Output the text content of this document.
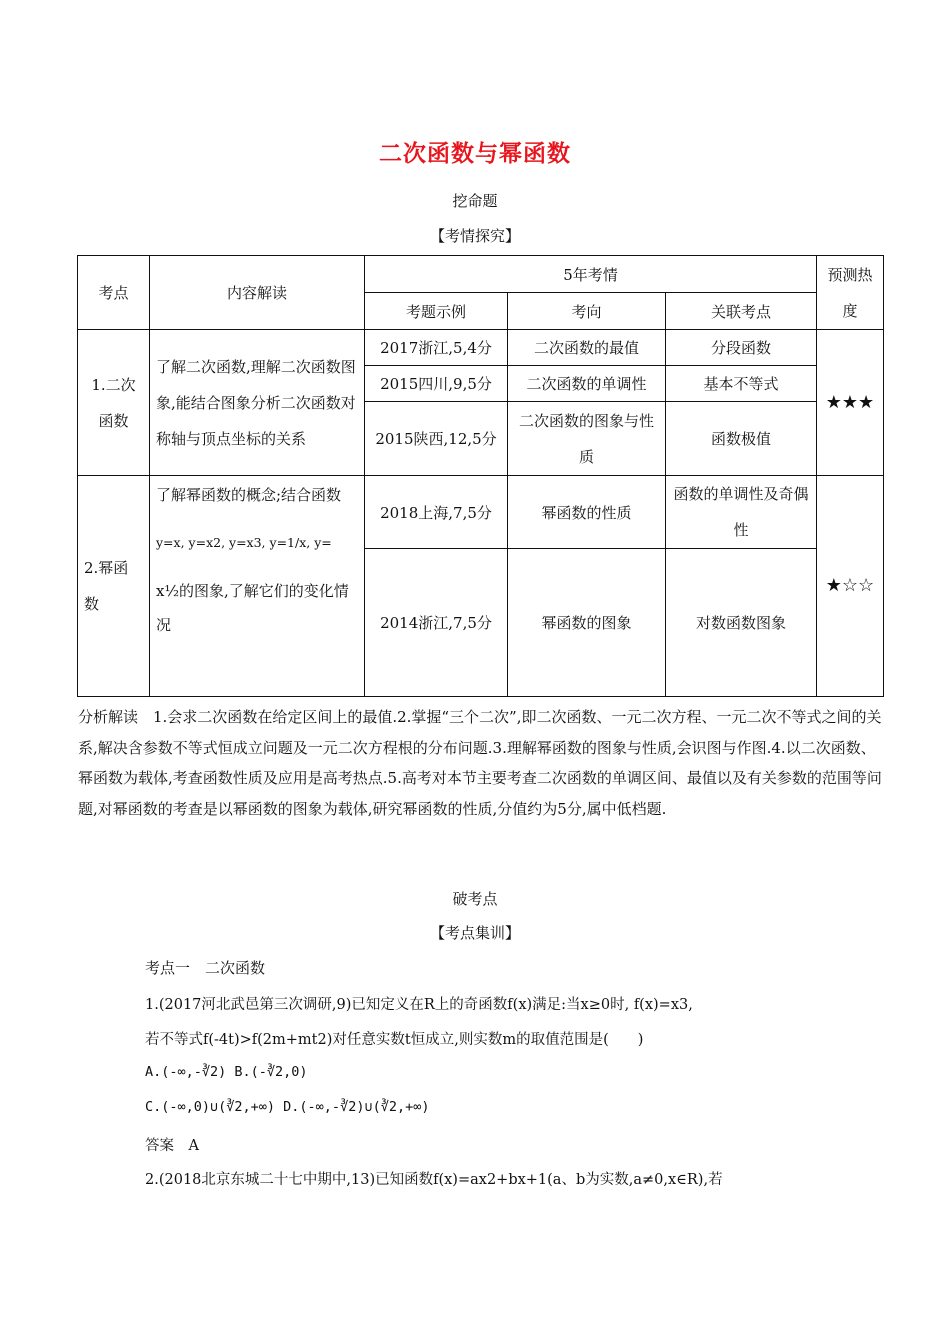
二次函数与幂函数
挖命题
【考情探究】
考点	内容解读	5年考情			预测热度
		考题示例	考向	关联考点	
1.二次函数	了解二次函数,理解二次函数图象,能结合图象分析二次函数对称轴与顶点坐标的关系	2017浙江,5,4分	二次函数的最值	分段函数	★★★
		2015四川,9,5分	二次函数的单调性	基本不等式	
		2015陕西,12,5分	二次函数的图象与性质	函数极值	
2.幂函数	了解幂函数的概念;结合函数
y=x, y=x2, y=x3, y=1/x, y=
x½的图象,了解它们的变化情况	2018上海,7,5分	幂函数的性质	函数的单调性及奇偶性	★☆☆
		2014浙江,7,5分	幂函数的图象	对数函数图象	
分析解读　1.会求二次函数在给定区间上的最值.2.掌握“三个二次”,即二次函数、一元二次方程、一元二次不等式之间的关系,解决含参数不等式恒成立问题及一元二次方程根的分布问题.3.理解幂函数的图象与性质,会识图与作图.4.以二次函数、幂函数为载体,考查函数性质及应用是高考热点.5.高考对本节主要考查二次函数的单调区间、最值以及有关参数的范围等问题,对幂函数的考查是以幂函数的图象为载体,研究幂函数的性质,分值约为5分,属中低档题.
破考点
【考点集训】
考点一　二次函数
1.(2017河北武邑第三次调研,9)已知定义在R上的奇函数f(x)满足:当x≥0时, f(x)=x3,
若不等式f(-4t)>f(2m+mt2)对任意实数t恒成立,则实数m的取值范围是(　　)
A.(-∞,-∛2) B.(-∛2,0)
C.(-∞,0)∪(∛2,+∞) D.(-∞,-∛2)∪(∛2,+∞)
答案　A
2.(2018北京东城二十七中期中,13)已知函数f(x)=ax2+bx+1(a、b为实数,a≠0,x∈R),若
